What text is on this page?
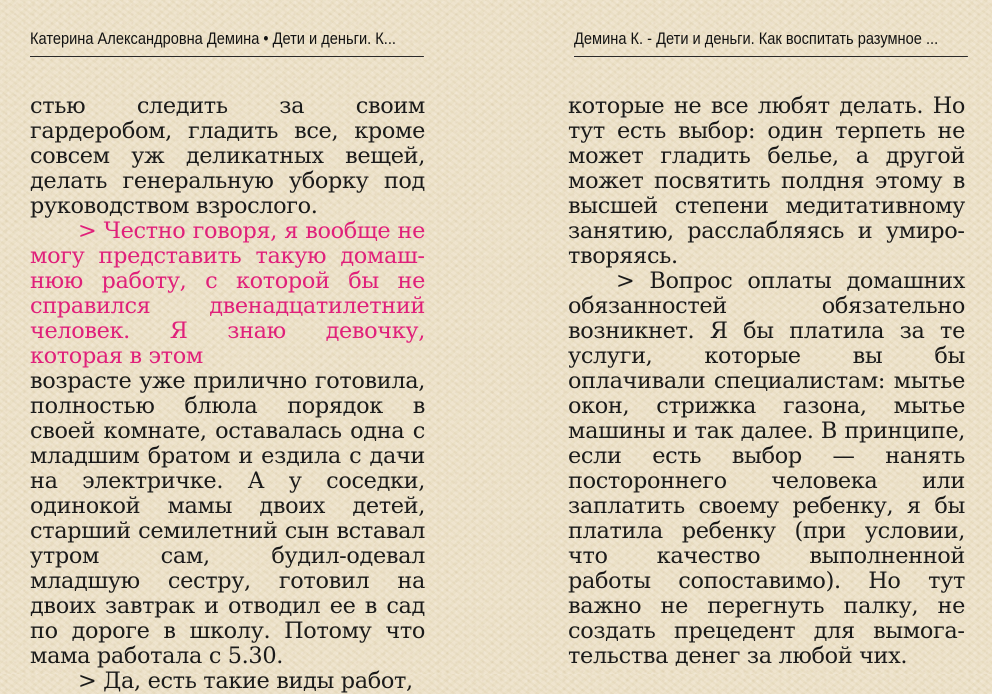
Катерина Александровна Демина • Дети и деньги. К...

стью следить за своим гардеробом, гладить все, кроме совсем уж деликатных вещей, делать генеральную уборку под руководством взрослого.

> Честно говоря, я вообще не могу представить такую домашнюю работу, с которой бы не справился двенадцатилетний человек. Я знаю девочку, которая в этом

возрасте уже прилично готовила, полностью блюла порядок в своей комнате, оставалась одна с младшим братом и ездила с дачи на электричке. А у соседки, одинокой мамы двоих детей, старший семилетний сын вставал утром сам, будил-одевал младшую сестру, готовил на двоих завтрак и отводил ее в сад по дороге в школу. Потому что мама работала с 5.30.

> Да, есть такие виды работ,

Демина К. - Дети и деньги. Как воспитать разумное ...

которые не все любят делать. Но тут есть выбор: один терпеть не может гладить белье, а другой может посвятить полдня этому в высшей степени медитативному занятию, расслабляясь и умиротворяясь.

> Вопрос оплаты домашних обязанностей обязательно возникнет. Я бы платила за те услуги, которые вы бы оплачивали специалистам: мытье окон, стрижка газона, мытье машины и так далее. В принципе, если есть выбор — нанять постороннего человека или заплатить своему ребенку, я бы платила ребенку (при условии, что качество выполненной работы сопоставимо). Но тут важно не перегнуть палку, не создать прецедент для вымогательства денег за любой чих.
